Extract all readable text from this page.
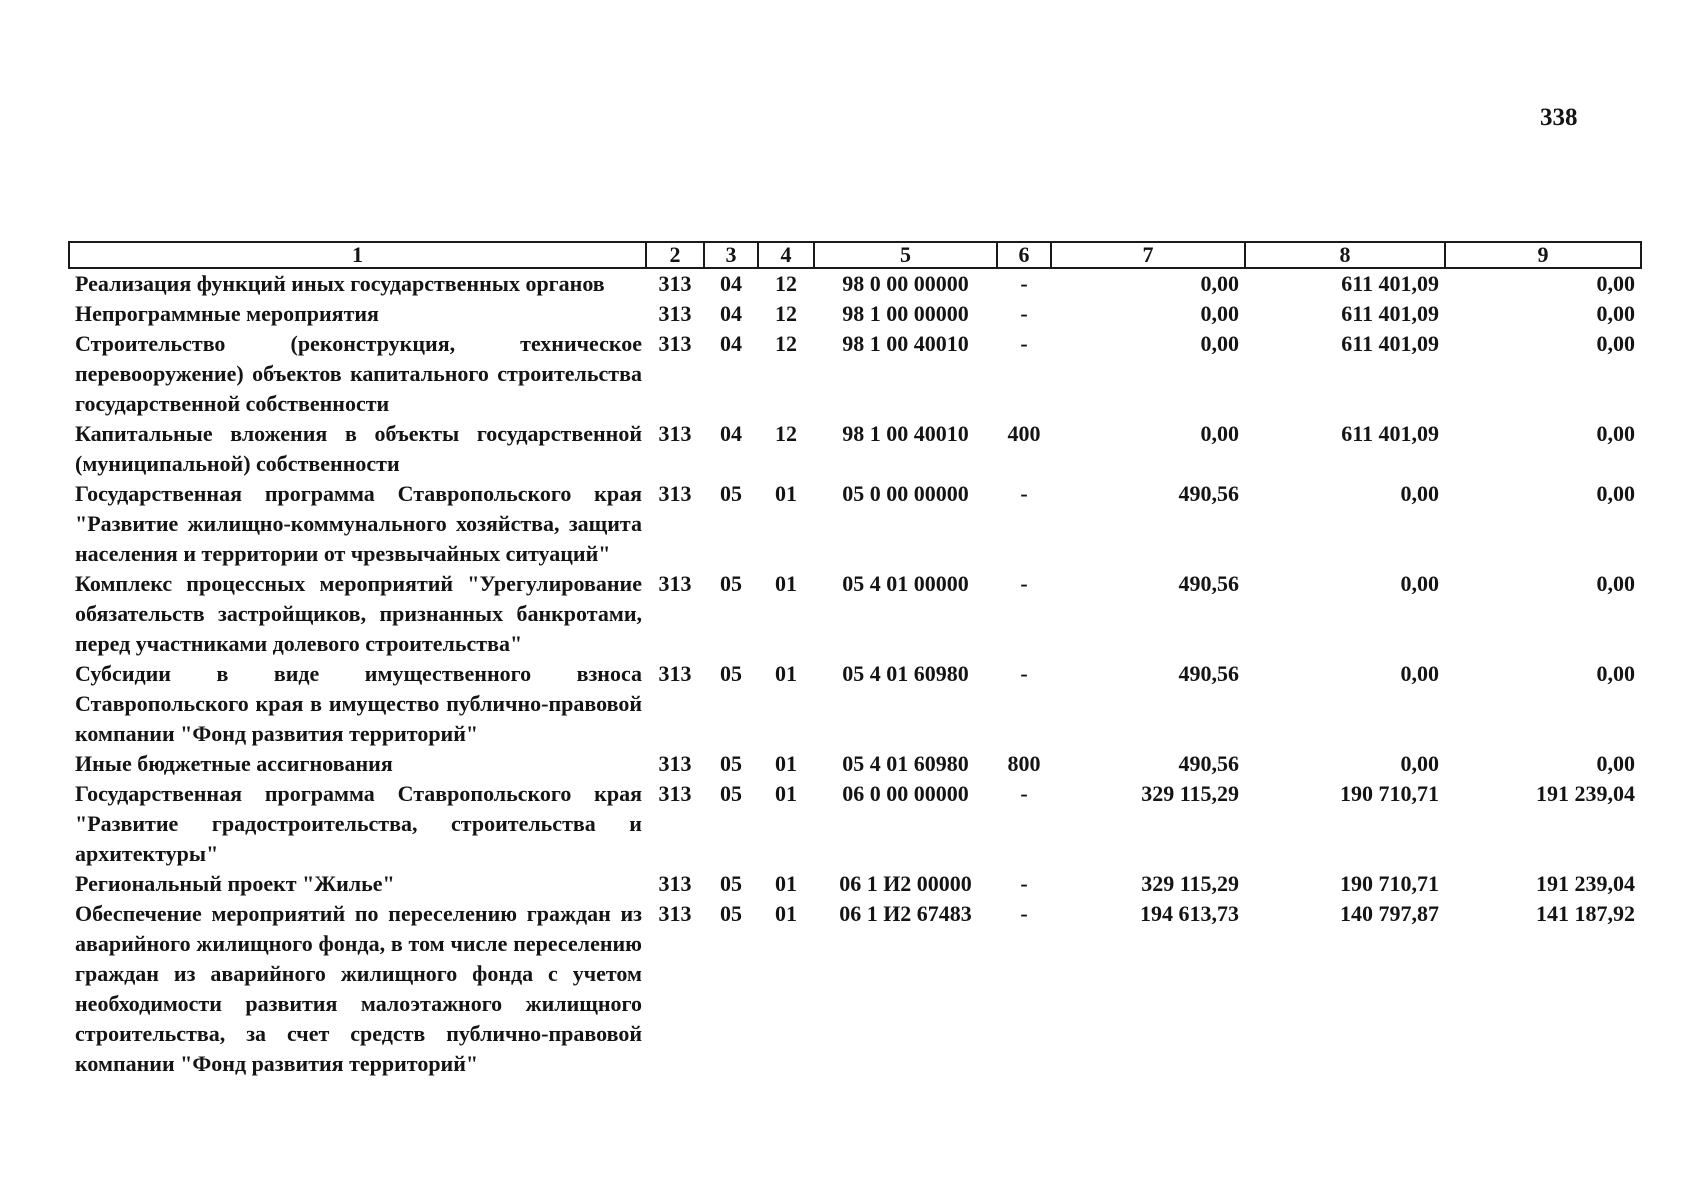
338
1	2	3	4	5	6	7	8	9
Реализация функций иных государственных органов	313	04	12	98 0 00 00000	-	0,00	611 401,09	0,00
Непрограммные мероприятия	313	04	12	98 1 00 00000	-	0,00	611 401,09	0,00
Строительство (реконструкция, техническое перевооружение) объектов капитального строительства государственной собственности	313	04	12	98 1 00 40010	-	0,00	611 401,09	0,00
Капитальные вложения в объекты государственной (муниципальной) собственности	313	04	12	98 1 00 40010	400	0,00	611 401,09	0,00
Государственная программа Ставропольского края "Развитие жилищно-коммунального хозяйства, защита населения и территории от чрезвычайных ситуаций"	313	05	01	05 0 00 00000	-	490,56	0,00	0,00
Комплекс процессных мероприятий "Урегулирование обязательств застройщиков, признанных банкротами, перед участниками долевого строительства"	313	05	01	05 4 01 00000	-	490,56	0,00	0,00
Субсидии в виде имущественного взноса Ставропольского края в имущество публично-правовой компании "Фонд развития территорий"	313	05	01	05 4 01 60980	-	490,56	0,00	0,00
Иные бюджетные ассигнования	313	05	01	05 4 01 60980	800	490,56	0,00	0,00
Государственная программа Ставропольского края "Развитие градостроительства, строительства и архитектуры"	313	05	01	06 0 00 00000	-	329 115,29	190 710,71	191 239,04
Региональный проект "Жилье"	313	05	01	06 1 И2 00000	-	329 115,29	190 710,71	191 239,04
Обеспечение мероприятий по переселению граждан из аварийного жилищного фонда, в том числе переселению граждан из аварийного жилищного фонда с учетом необходимости развития малоэтажного жилищного строительства, за счет средств публично-правовой компании "Фонд развития территорий"	313	05	01	06 1 И2 67483	-	194 613,73	140 797,87	141 187,92
